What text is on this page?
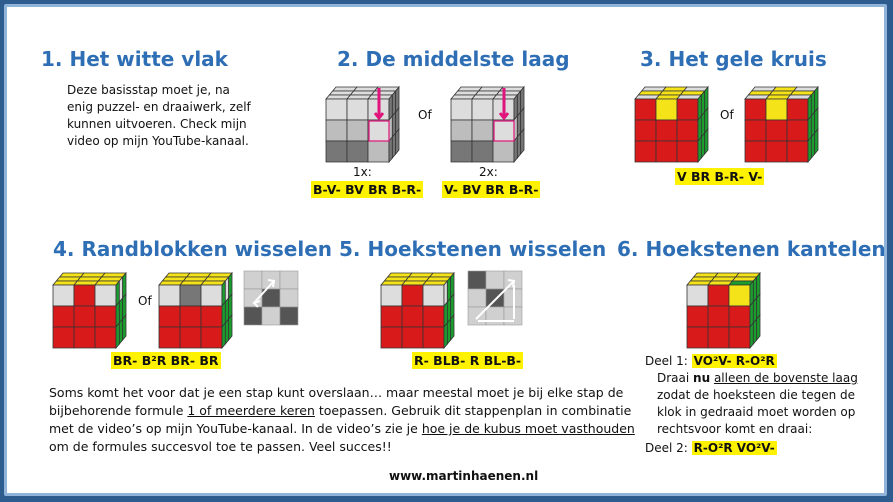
1. Het witte vlak
Deze basisstap moet je, na enig puzzel- en draaiwerk, zelf kunnen uitvoeren. Check mijn video op mijn YouTube-kanaal.
2. De middelste laag
Of
1x:	2x:
B-V- BV BR B-R- V- BV BR B-R-
3. Het gele kruis
Of
V BR B-R- V-
4. Randblokken wisselen
Of
BR- B²R BR- BR
5. Hoekstenen wisselen
R- BLB- R BL-B-
6. Hoekstenen kantelen
Deel 1: VO²V- R-O²R
Draai nu alleen de bovenste laag
zodat de hoeksteen die tegen de
klok in gedraaid moet worden op
rechtsvoor komt en draai:
Deel 2: R-O²R VO²V-
Soms komt het voor dat je een stap kunt overslaan… maar meestal moet je bij elke stap de
bijbehorende formule 1 of meerdere keren toepassen. Gebruik dit stappenplan in combinatie
met de video’s op mijn YouTube-kanaal. In de video’s zie je hoe je de kubus moet vasthouden
om de formules succesvol toe te passen. Veel succes!!
www.martinhaenen.nl
